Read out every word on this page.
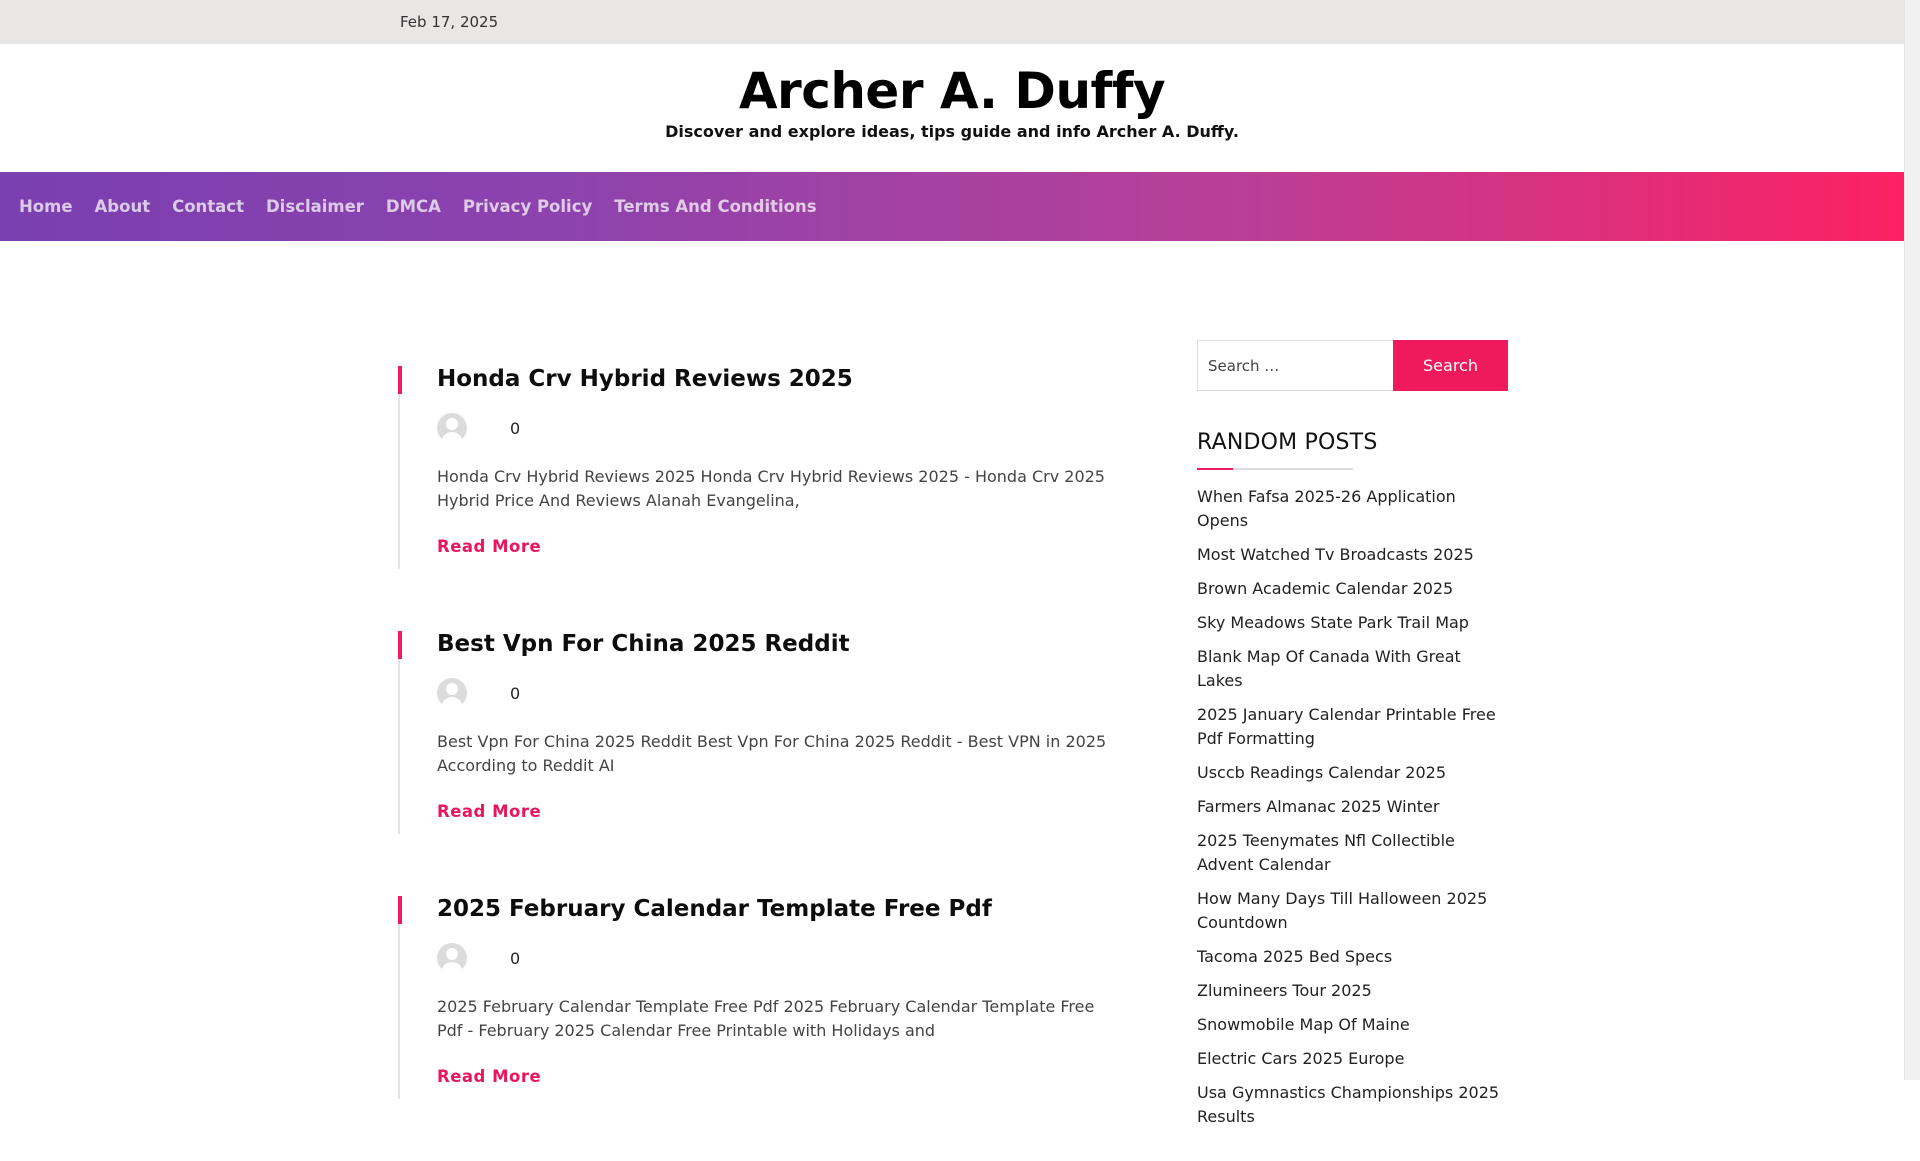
Feb 17, 2025
Archer A. Duffy
Discover and explore ideas, tips guide and info Archer A. Duffy.
Home About Contact Disclaimer DMCA Privacy Policy Terms And Conditions
Honda Crv Hybrid Reviews 2025
0

Honda Crv Hybrid Reviews 2025 Honda Crv Hybrid Reviews 2025 - Honda Crv 2025 Hybrid Price And Reviews Alanah Evangelina,

Read More
Best Vpn For China 2025 Reddit
0

Best Vpn For China 2025 Reddit Best Vpn For China 2025 Reddit - Best VPN in 2025 According to Reddit AI

Read More
2025 February Calendar Template Free Pdf
0

2025 February Calendar Template Free Pdf 2025 February Calendar Template Free Pdf - February 2025 Calendar Free Printable with Holidays and

Read More
Search …
Search
RANDOM POSTS
When Fafsa 2025-26 Application Opens
Most Watched Tv Broadcasts 2025
Brown Academic Calendar 2025
Sky Meadows State Park Trail Map
Blank Map Of Canada With Great Lakes
2025 January Calendar Printable Free Pdf Formatting
Usccb Readings Calendar 2025
Farmers Almanac 2025 Winter
2025 Teenymates Nfl Collectible Advent Calendar
How Many Days Till Halloween 2025 Countdown
Tacoma 2025 Bed Specs
Zlumineers Tour 2025
Snowmobile Map Of Maine
Electric Cars 2025 Europe
Usa Gymnastics Championships 2025 Results
